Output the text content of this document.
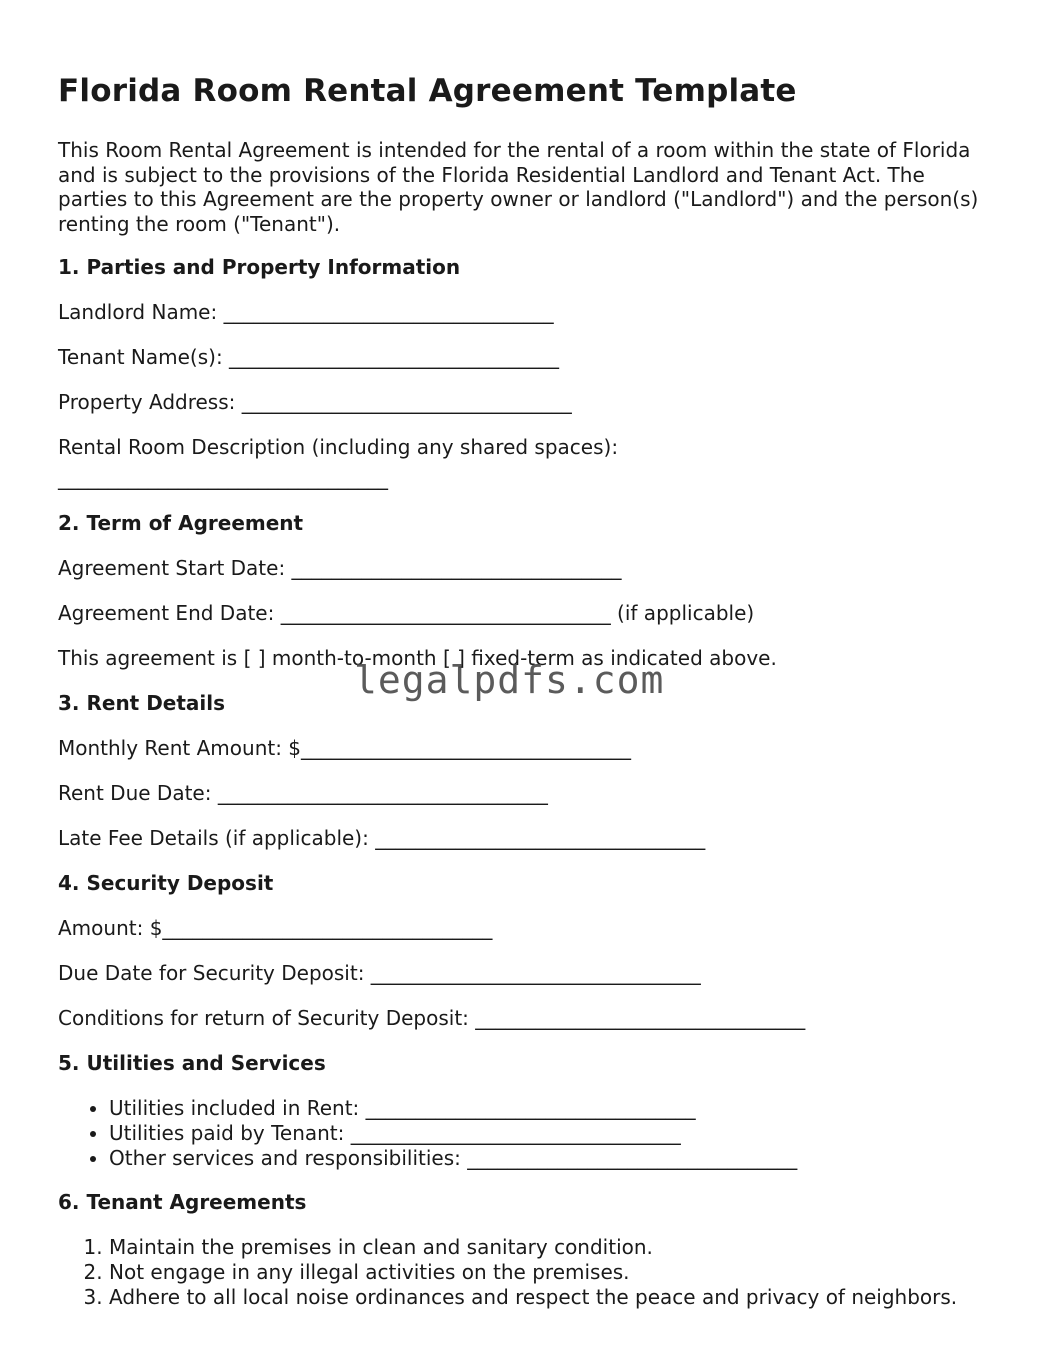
Florida Room Rental Agreement Template

This Room Rental Agreement is intended for the rental of a room within the state of Florida and is subject to the provisions of the Florida Residential Landlord and Tenant Act. The parties to this Agreement are the property owner or landlord ("Landlord") and the person(s) renting the room ("Tenant").

1. Parties and Property Information

Landlord Name: _________________________________

Tenant Name(s): _________________________________

Property Address: _________________________________

Rental Room Description (including any shared spaces):

_________________________________

2. Term of Agreement

Agreement Start Date: _________________________________

Agreement End Date: _________________________________ (if applicable)

This agreement is [ ] month-to-month [ ] fixed-term as indicated above.

3. Rent Details

Monthly Rent Amount: $_________________________________

Rent Due Date: _________________________________

Late Fee Details (if applicable): _________________________________

4. Security Deposit

Amount: $_________________________________

Due Date for Security Deposit: _________________________________

Conditions for return of Security Deposit: _________________________________

5. Utilities and Services
• Utilities included in Rent: _________________________________
• Utilities paid by Tenant: _________________________________
• Other services and responsibilities: _________________________________
6. Tenant Agreements
1. Maintain the premises in clean and sanitary condition.
2. Not engage in any illegal activities on the premises.
3. Adhere to all local noise ordinances and respect the peace and privacy of neighbors.
legalpdfs.com
